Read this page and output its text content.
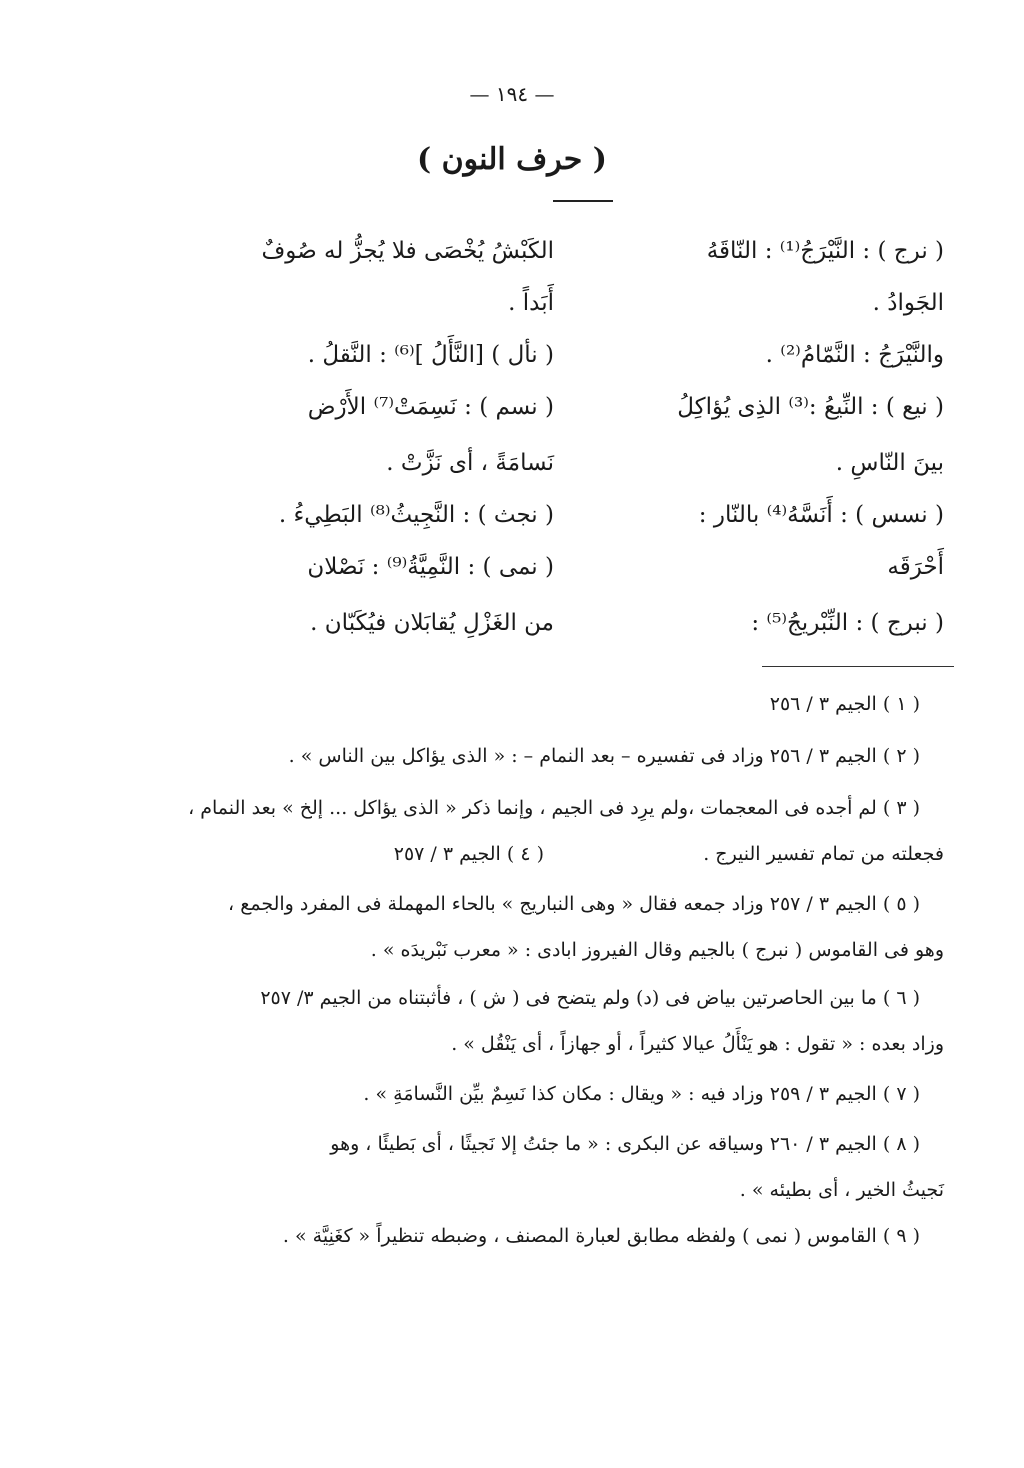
— ١٩٤ —
( حرف النون )
( نرج ) : النَّيْرَجُ⁽¹⁾ : النّاقَهُ
الجَوادُ .
والنَّيْرَجُ : النَّمّامُ⁽²⁾ .
( نيع ) : النِّيعُ :⁽³⁾ الذِى يُؤاكِلُ
بينَ النّاسِ .
( نسس ) : أَنَسَّهُ⁽⁴⁾ بالنّار :
أَحْرَقَه
( نبرج ) : النِّبْريجُ⁽⁵⁾ :
الكَبْشُ يُخْصَى فلا يُجزُّ له صُوفٌ
أَبَداً .
( نأل ) [النَّأَلُ ]⁽⁶⁾ : النَّقلُ .
( نسم ) : نَسِمَتْ⁽⁷⁾ الأَرْض
نَسامَةً ، أى نَزَّتْ .
( نجث ) : النَّجِيثُ⁽⁸⁾ البَطِيءُ .
( نمى ) : النَّمِيَّةُ⁽⁹⁾ : نَصْلان
من الغَزْلِ يُقابَلان فيُكَبّان .
( ١ ) الجيم ٣ / ٢٥٦
( ٢ ) الجيم ٣ / ٢٥٦ وزاد فى تفسيره – بعد النمام – : « الذى يؤاكل بين الناس » .
( ٣ ) لم أجده فى المعجمات ،ولم يرِد فى الجيم ، وإنما ذكر « الذى يؤاكل ... إلخ » بعد النمام ،
فجعلته من تمام تفسير النيرج .
( ٤ ) الجيم ٣ / ٢٥٧
( ٥ ) الجيم ٣ / ٢٥٧ وزاد جمعه فقال « وهى النباريج » بالحاء المهملة فى المفرد والجمع ،
وهو فى القاموس ( نبرج ) بالجيم وقال الفيروز ابادى : « معرب نَبْريدَه » .
( ٦ ) ما بين الحاصرتين بياض فى (د) ولم يتضح فى ( ش ) ، فأثبتناه من الجيم ٣/ ٢٥٧
وزاد بعده : « تقول : هو يَنْأَلُ عيالا كثيراً ، أو جهازاً ، أى يَنْقُل » .
( ٧ ) الجيم ٣ / ٢٥٩ وزاد فيه : « ويقال : مكان كذا نَسِمٌ بيِّن النَّسامَةِ » .
( ٨ ) الجيم ٣ / ٢٦٠ وسياقه عن البكرى : « ما جئتُ إلا نَجيثًا ، أى بَطيئًا ، وهو
نَجيثُ الخير ، أى بطيئه » .
( ٩ ) القاموس ( نمى ) ولفظه مطابق لعبارة المصنف ، وضبطه تنظيراً « كغَنِيَّة » .
